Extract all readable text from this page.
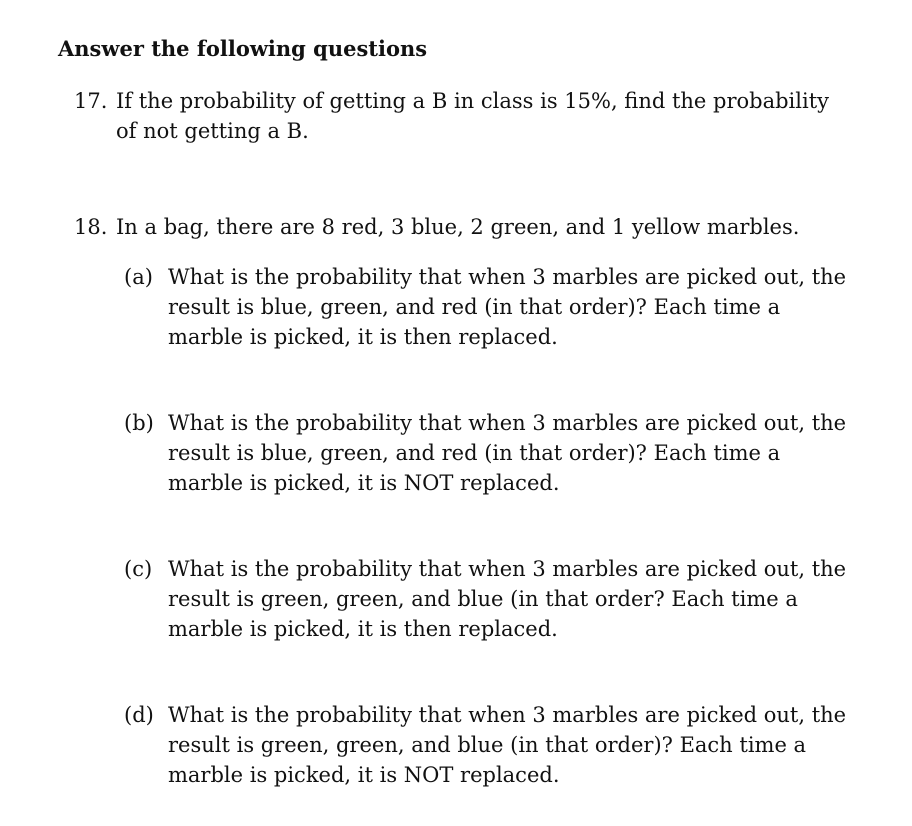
Answer the following questions
17. If the probability of getting a B in class is 15%, find the probability
of not getting a B.
18. In a bag, there are 8 red, 3 blue, 2 green, and 1 yellow marbles.
(a) What is the probability that when 3 marbles are picked out, the
result is blue, green, and red (in that order)? Each time a
marble is picked, it is then replaced.
(b) What is the probability that when 3 marbles are picked out, the
result is blue, green, and red (in that order)? Each time a
marble is picked, it is NOT replaced.
(c) What is the probability that when 3 marbles are picked out, the
result is green, green, and blue (in that order? Each time a
marble is picked, it is then replaced.
(d) What is the probability that when 3 marbles are picked out, the
result is green, green, and blue (in that order)? Each time a
marble is picked, it is NOT replaced.
